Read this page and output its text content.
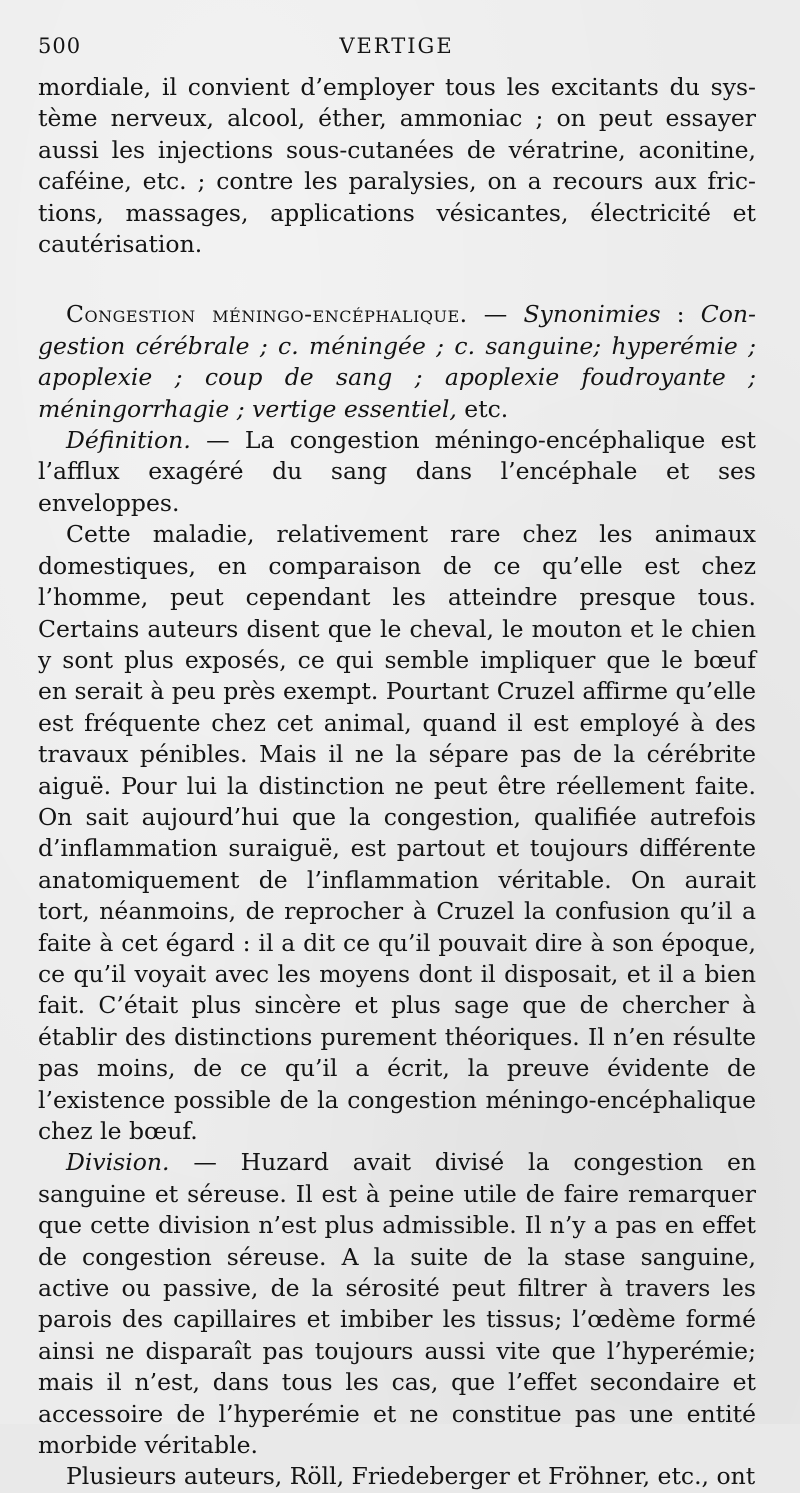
500	VERTIGE

mordiale, il convient d’employer tous les excitants du système nerveux, alcool, éther, ammoniac ; on peut essayer aussi les injections sous-cutanées de vératrine, aconitine, caféine, etc. ; contre les paralysies, on a recours aux frictions, massages, applications vésicantes, électricité et cautérisation.

Congestion méningo-encéphalique. — Synonimies : Congestion cérébrale ; c. méningée ; c. sanguine; hyperémie ; apoplexie ; coup de sang ; apoplexie foudroyante ; méningorrhagie ; vertige essentiel, etc.

Définition. — La congestion méningo-encéphalique est l’afflux exagéré du sang dans l’encéphale et ses enveloppes.

Cette maladie, relativement rare chez les animaux domestiques, en comparaison de ce qu’elle est chez l’homme, peut cependant les atteindre presque tous. Certains auteurs disent que le cheval, le mouton et le chien y sont plus exposés, ce qui semble impliquer que le bœuf en serait à peu près exempt. Pourtant Cruzel affirme qu’elle est fréquente chez cet animal, quand il est employé à des travaux pénibles. Mais il ne la sépare pas de la cérébrite aiguë. Pour lui la distinction ne peut être réellement faite. On sait aujourd’hui que la congestion, qualifiée autrefois d’inflammation suraiguë, est partout et toujours différente anatomiquement de l’inflammation véritable. On aurait tort, néanmoins, de reprocher à Cruzel la confusion qu’il a faite à cet égard : il a dit ce qu’il pouvait dire à son époque, ce qu’il voyait avec les moyens dont il disposait, et il a bien fait. C’était plus sincère et plus sage que de chercher à établir des distinctions purement théoriques. Il n’en résulte pas moins, de ce qu’il a écrit, la preuve évidente de l’existence possible de la congestion méningo-encéphalique chez le bœuf.

Division. — Huzard avait divisé la congestion en sanguine et séreuse. Il est à peine utile de faire remarquer que cette division n’est plus admissible. Il n’y a pas en effet de congestion séreuse. A la suite de la stase sanguine, active ou passive, de la sérosité peut filtrer à travers les parois des capillaires et imbiber les tissus; l’œdème formé ainsi ne disparaît pas toujours aussi vite que l’hyperémie; mais il n’est, dans tous les cas, que l’effet secondaire et accessoire de l’hyperémie et ne constitue pas une entité morbide véritable.

Plusieurs auteurs, Röll, Friedeberger et Fröhner, etc., ont
